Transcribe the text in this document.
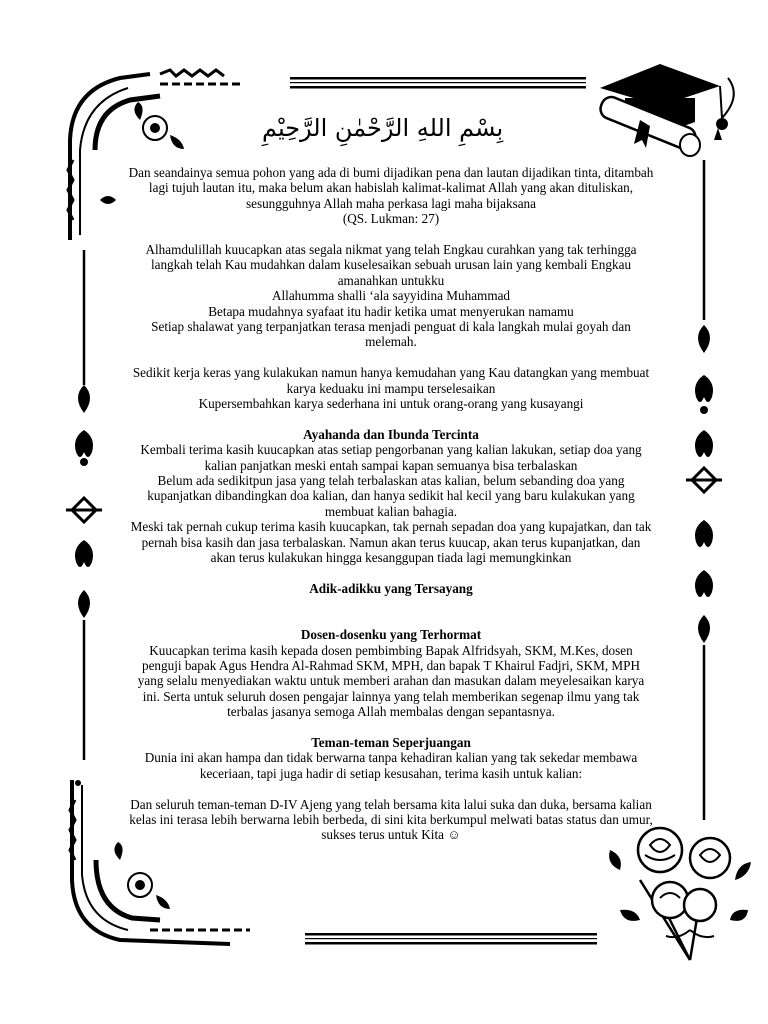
بِسْمِ اللهِ الرَّحْمٰنِ الرَّحِيْمِ

Dan seandainya semua pohon yang ada di bumi dijadikan pena dan lautan dijadikan tinta, ditambah

lagi tujuh lautan itu, maka belum akan habislah kalimat-kalimat Allah yang akan dituliskan,

sesungguhnya Allah maha perkasa lagi maha bijaksana

(QS. Lukman: 27)

Alhamdulillah kuucapkan atas segala nikmat yang telah Engkau curahkan yang tak terhingga

langkah telah Kau mudahkan dalam kuselesaikan sebuah urusan lain yang kembali Engkau

amanahkan untukku

Allahumma shalli ‘ala sayyidina Muhammad

Betapa mudahnya syafaat itu hadir ketika umat menyerukan namamu

Setiap shalawat yang terpanjatkan terasa menjadi penguat di kala langkah mulai goyah dan

melemah.

Sedikit kerja keras yang kulakukan namun hanya kemudahan yang Kau datangkan yang membuat

karya keduaku ini mampu terselesaikan

Kupersembahkan karya sederhana ini untuk orang-orang yang kusayangi

Ayahanda dan Ibunda Tercinta

Kembali terima kasih kuucapkan atas setiap pengorbanan yang kalian lakukan, setiap doa yang

kalian panjatkan meski entah sampai kapan semuanya bisa terbalaskan

Belum ada sedikitpun jasa yang telah terbalaskan atas kalian, belum sebanding doa yang

kupanjatkan dibandingkan doa kalian, dan hanya sedikit hal kecil yang baru kulakukan yang

membuat kalian bahagia.

Meski tak pernah cukup terima kasih kuucapkan, tak pernah sepadan doa yang kupajatkan, dan tak

pernah bisa kasih dan jasa terbalaskan. Namun akan terus kuucap, akan terus kupanjatkan, dan

akan terus kulakukan hingga kesanggupan tiada lagi memungkinkan

Adik-adikku yang Tersayang

Dosen-dosenku yang Terhormat

Kuucapkan terima kasih kepada dosen pembimbing Bapak Alfridsyah, SKM, M.Kes, dosen

penguji bapak Agus Hendra Al-Rahmad SKM, MPH, dan bapak T Khairul Fadjri, SKM, MPH

yang selalu menyediakan waktu untuk memberi arahan dan masukan dalam meyelesaikan karya

ini. Serta untuk seluruh dosen pengajar lainnya yang telah memberikan segenap ilmu yang tak

terbalas jasanya semoga Allah membalas dengan sepantasnya.

Teman-teman Seperjuangan

Dunia ini akan hampa dan tidak berwarna tanpa kehadiran kalian yang tak sekedar membawa

keceriaan, tapi juga hadir di setiap kesusahan, terima kasih untuk kalian:

Dan seluruh teman-teman D-IV Ajeng yang telah bersama kita lalui suka dan duka, bersama kalian

kelas ini terasa lebih berwarna lebih berbeda, di sini kita berkumpul melwati batas status dan umur,

sukses terus untuk Kita ☺
